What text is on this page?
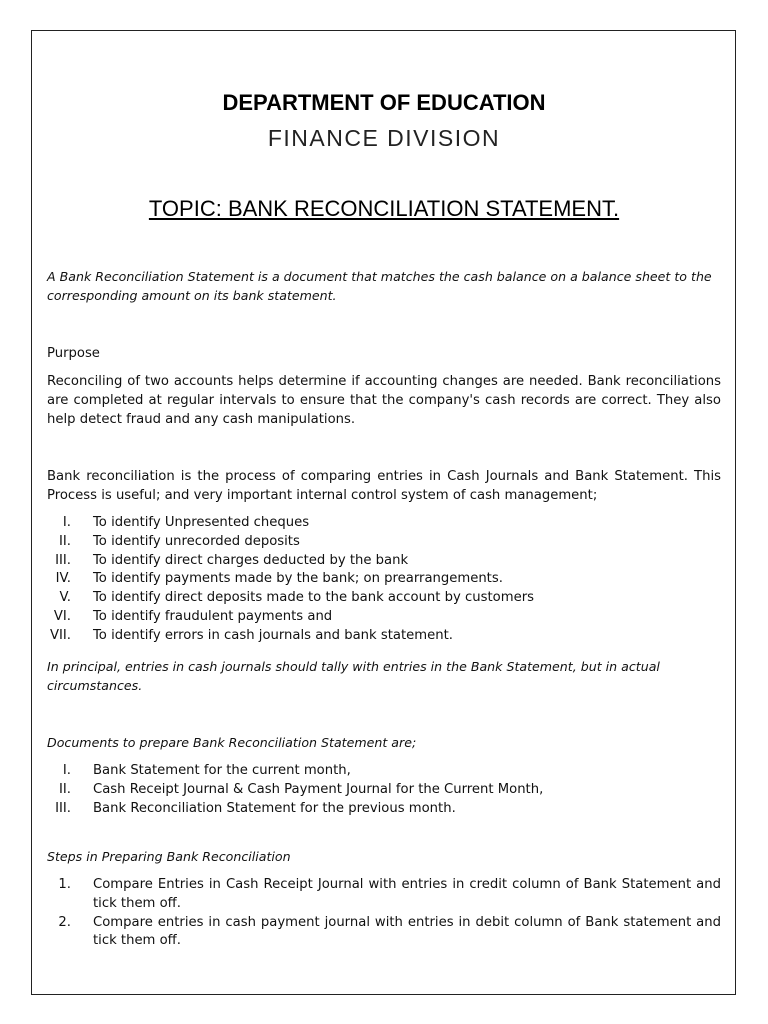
DEPARTMENT OF EDUCATION
FINANCE DIVISION
TOPIC: BANK RECONCILIATION STATEMENT.
A Bank Reconciliation Statement is a document that matches the cash balance on a balance sheet to the corresponding amount on its bank statement.
Purpose
Reconciling of two accounts helps determine if accounting changes are needed. Bank reconciliations are completed at regular intervals to ensure that the company's cash records are correct. They also help detect fraud and any cash manipulations.
Bank reconciliation is the process of comparing entries in Cash Journals and Bank Statement. This Process is useful; and very important internal control system of cash management;
I. To identify Unpresented cheques
II. To identify unrecorded deposits
III. To identify direct charges deducted by the bank
IV. To identify payments made by the bank; on prearrangements.
V. To identify direct deposits made to the bank account by customers
VI. To identify fraudulent payments and
VII. To identify errors in cash journals and bank statement.
In principal, entries in cash journals should tally with entries in the Bank Statement, but in actual circumstances.
Documents to prepare Bank Reconciliation Statement are;
I. Bank Statement for the current month,
II. Cash Receipt Journal & Cash Payment Journal for the Current Month,
III. Bank Reconciliation Statement for the previous month.
Steps in Preparing Bank Reconciliation
1. Compare Entries in Cash Receipt Journal with entries in credit column of Bank Statement and tick them off.
2. Compare entries in cash payment journal with entries in debit column of Bank statement and tick them off.
